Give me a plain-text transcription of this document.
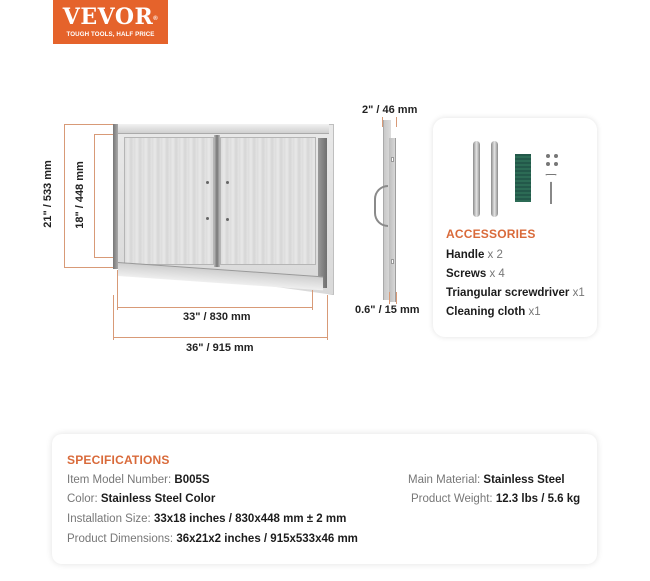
VEVOR®
TOUGH TOOLS, HALF PRICE
21" / 533 mm 18" / 448 mm
33" / 830 mm
36" / 915 mm
2" / 46 mm
0.6" / 15 mm
ACCESSORIES
Handle x 2
Screws x 4
Triangular screwdriver x1
Cleaning cloth x1
SPECIFICATIONS
Item Model Number: B005S
Color: Stainless Steel Color
Installation Size: 33x18 inches / 830x448 mm ± 2 mm
Product Dimensions: 36x21x2 inches / 915x533x46 mm
Main Material: Stainless Steel
Product Weight: 12.3 lbs / 5.6 kg
